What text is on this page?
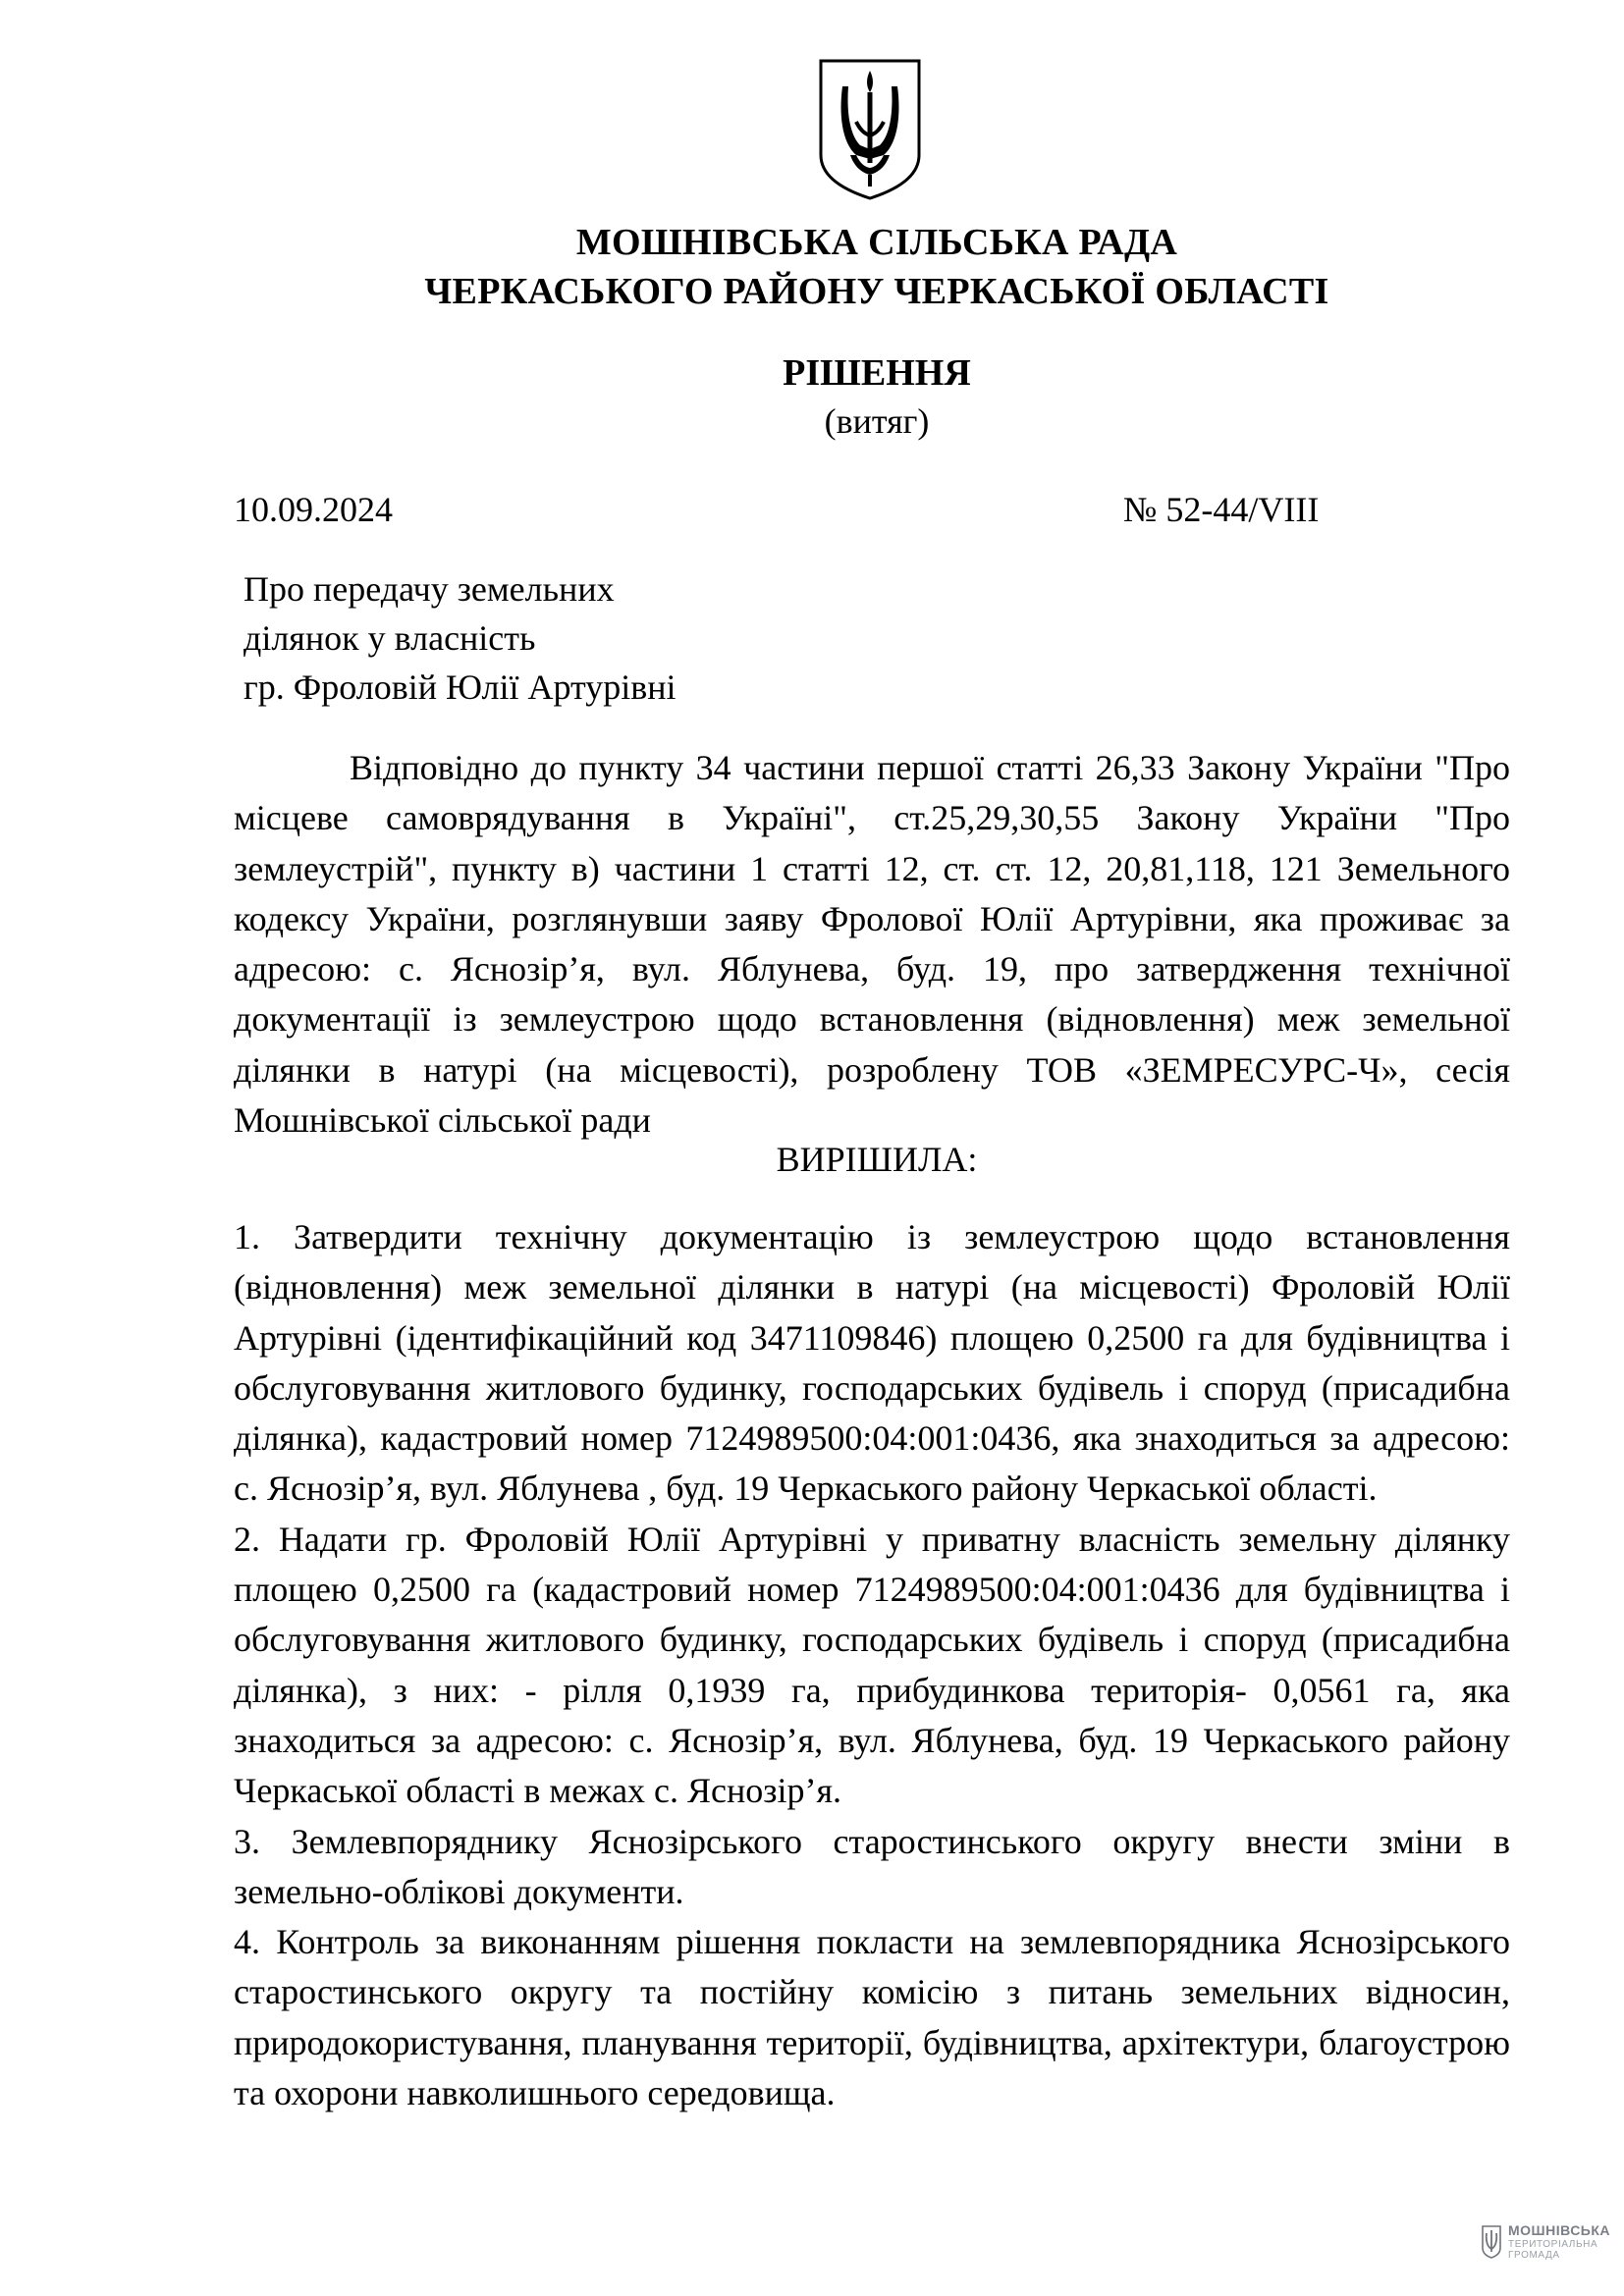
МОШНІВСЬКА СІЛЬСЬКА РАДА
ЧЕРКАСЬКОГО РАЙОНУ ЧЕРКАСЬКОЇ ОБЛАСТІ
РІШЕННЯ
(витяг)
10.09.2024	№ 52-44/VIII
Про передачу земельних
ділянок у власність
гр. Фроловій Юлії Артурівні
Відповідно до пункту 34 частини першої статті 26,33 Закону України "Про місцеве самоврядування в Україні", ст.25,29,30,55 Закону України "Про землеустрій", пункту в) частини 1 статті 12, ст. ст. 12, 20,81,118, 121 Земельного кодексу України, розглянувши заяву Фролової Юлії Артурівни, яка проживає за адресою: с. Яснозір’я, вул. Яблунева, буд. 19, про затвердження технічної документації із землеустрою щодо встановлення (відновлення) меж земельної ділянки в натурі (на місцевості), розроблену ТОВ «ЗЕМРЕСУРС-Ч», сесія Мошнівської сільської ради
ВИРІШИЛА:

1. Затвердити технічну документацію із землеустрою щодо встановлення (відновлення) меж земельної ділянки в натурі (на місцевості) Фроловій Юлії Артурівні (ідентифікаційний код 3471109846) площею 0,2500 га для будівництва і обслуговування житлового будинку, господарських будівель і споруд (присадибна ділянка), кадастровий номер 7124989500:04:001:0436, яка знаходиться за адресою: с. Яснозір’я, вул. Яблунева , буд. 19 Черкаського району Черкаської області.

2. Надати гр. Фроловій Юлії Артурівні у приватну власність земельну ділянку площею 0,2500 га (кадастровий номер 7124989500:04:001:0436 для будівництва і обслуговування житлового будинку, господарських будівель і споруд (присадибна ділянка), з них: - рілля 0,1939 га, прибудинкова територія- 0,0561 га, яка знаходиться за адресою: с. Яснозір’я, вул. Яблунева, буд. 19 Черкаського району Черкаської області в межах с. Яснозір’я.

3. Землевпоряднику Яснозірського старостинського округу внести зміни в земельно-облікові документи.

4. Контроль за виконанням рішення покласти на землевпорядника Яснозірського старостинського округу та постійну комісію з питань земельних відносин, природокористування, планування території, будівництва, архітектури, благоустрою та охорони навколишнього середовища.

МОШНІВСЬКА
ТЕРИТОРІАЛЬНА
ГРОМАДА
